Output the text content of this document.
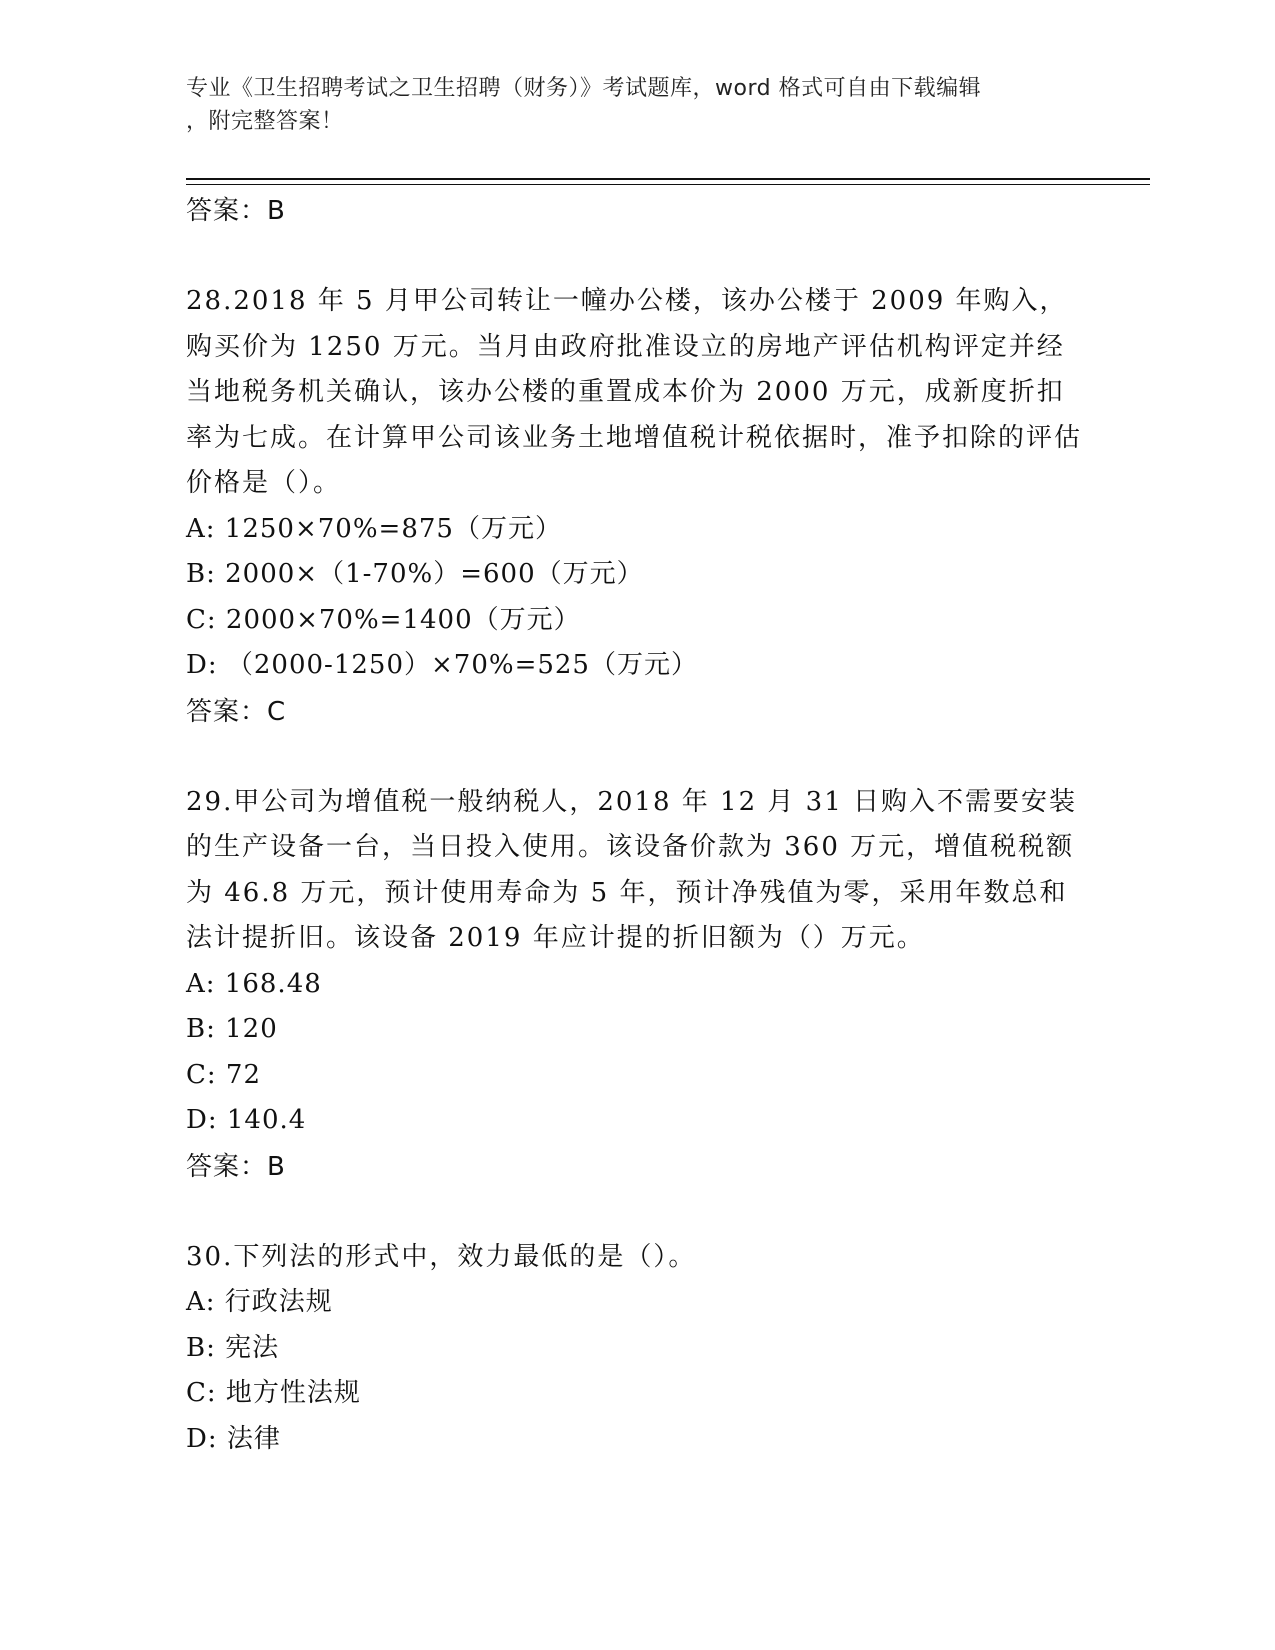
专业《卫生招聘考试之卫生招聘（财务）》考试题库，word 格式可自由下载编辑
，附完整答案！
答案：B
28.2018 年 5 月甲公司转让一幢办公楼，该办公楼于 2009 年购入，购买价为 1250 万元。当月由政府批准设立的房地产评估机构评定并经当地税务机关确认，该办公楼的重置成本价为 2000 万元，成新度折扣率为七成。在计算甲公司该业务土地增值税计税依据时，准予扣除的评估价格是（）。
A: 1250×70%=875（万元）
B: 2000×（1-70%）=600（万元）
C: 2000×70%=1400（万元）
D: （2000-1250）×70%=525（万元）
答案：C
29.甲公司为增值税一般纳税人，2018 年 12 月 31 日购入不需要安装的生产设备一台，当日投入使用。该设备价款为 360 万元，增值税税额为 46.8 万元，预计使用寿命为 5 年，预计净残值为零，采用年数总和法计提折旧。该设备 2019 年应计提的折旧额为（）万元。
A: 168.48
B: 120
C: 72
D: 140.4
答案：B
30.下列法的形式中，效力最低的是（）。
A: 行政法规
B: 宪法
C: 地方性法规
D: 法律
